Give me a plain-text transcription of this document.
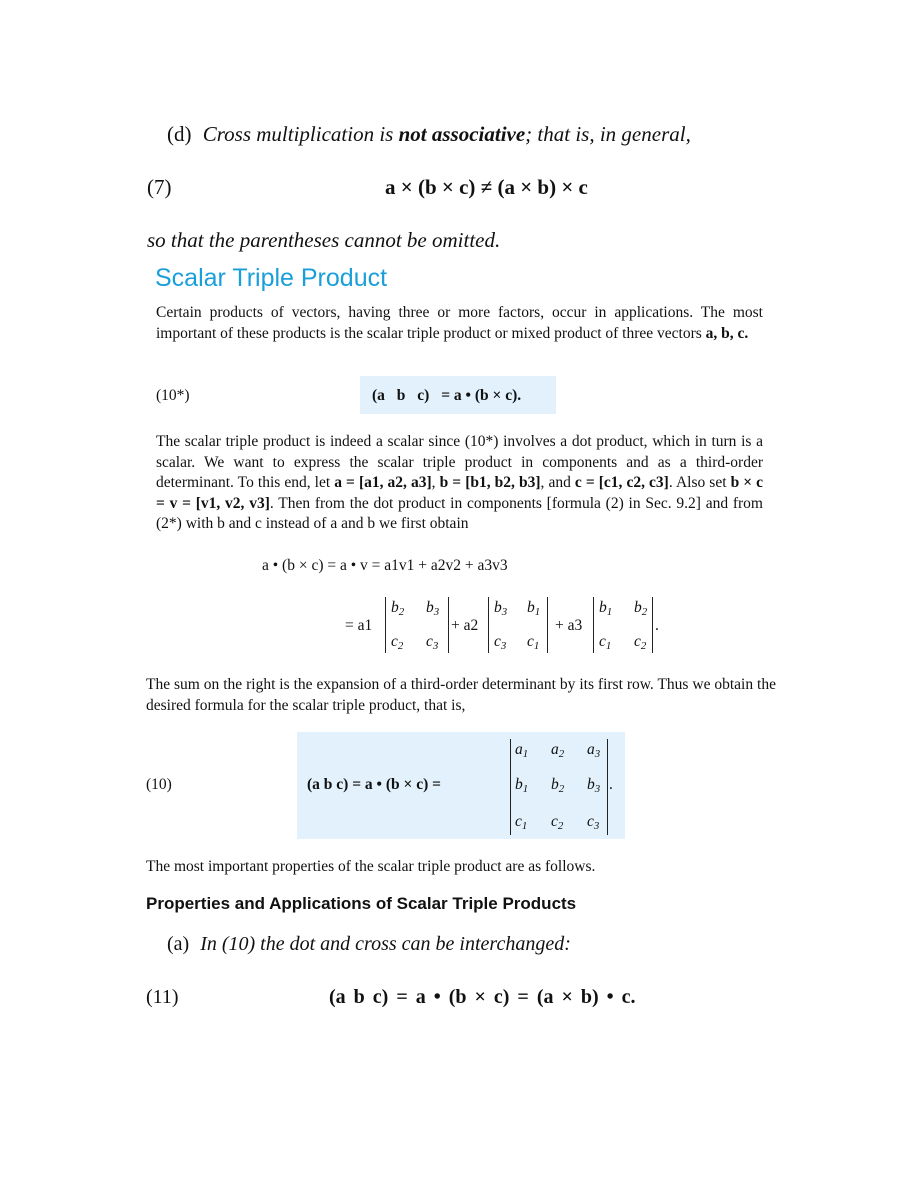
(d) Cross multiplication is not associative; that is, in general,
(7)	a × (b × c) ≠ (a × b) × c
so that the parentheses cannot be omitted.
Scalar Triple Product
Certain products of vectors, having three or more factors, occur in applications. The most important of these products is the scalar triple product or mixed product of three vectors a, b, c.
(10*)	(a b c) = a • (b × c).
The scalar triple product is indeed a scalar since (10*) involves a dot product, which in turn is a scalar. We want to express the scalar triple product in components and as a third-order determinant. To this end, let a = [a1, a2, a3], b = [b1, b2, b3], and c = [c1, c2, c3]. Also set b × c = v = [v1, v2, v3]. Then from the dot product in components [formula (2) in Sec. 9.2] and from (2*) with b and c instead of a and b we first obtain
a • (b × c) = a • v = a1v1 + a2v2 + a3v3
= a1
$b_2$ $b_3$
$c_2$ $c_3$
+ a2
$b_3$ $b_1$
$c_3$ $c_1$
+ a3
$b_1$ $b_2$
$c_1$ $c_2$
.
The sum on the right is the expansion of a third-order determinant by its first row. Thus we obtain the desired formula for the scalar triple product, that is,
(10)	(a b c) = a • (b × c) =
$a_1$ $a_2$ $a_3$
$b_1$ $b_2$ $b_3$
$c_1$ $c_2$ $c_3$
.
The most important properties of the scalar triple product are as follows.
Properties and Applications of Scalar Triple Products
(a) In (10) the dot and cross can be interchanged:
(11)	(a b c) = a • (b × c) = (a × b) • c.
